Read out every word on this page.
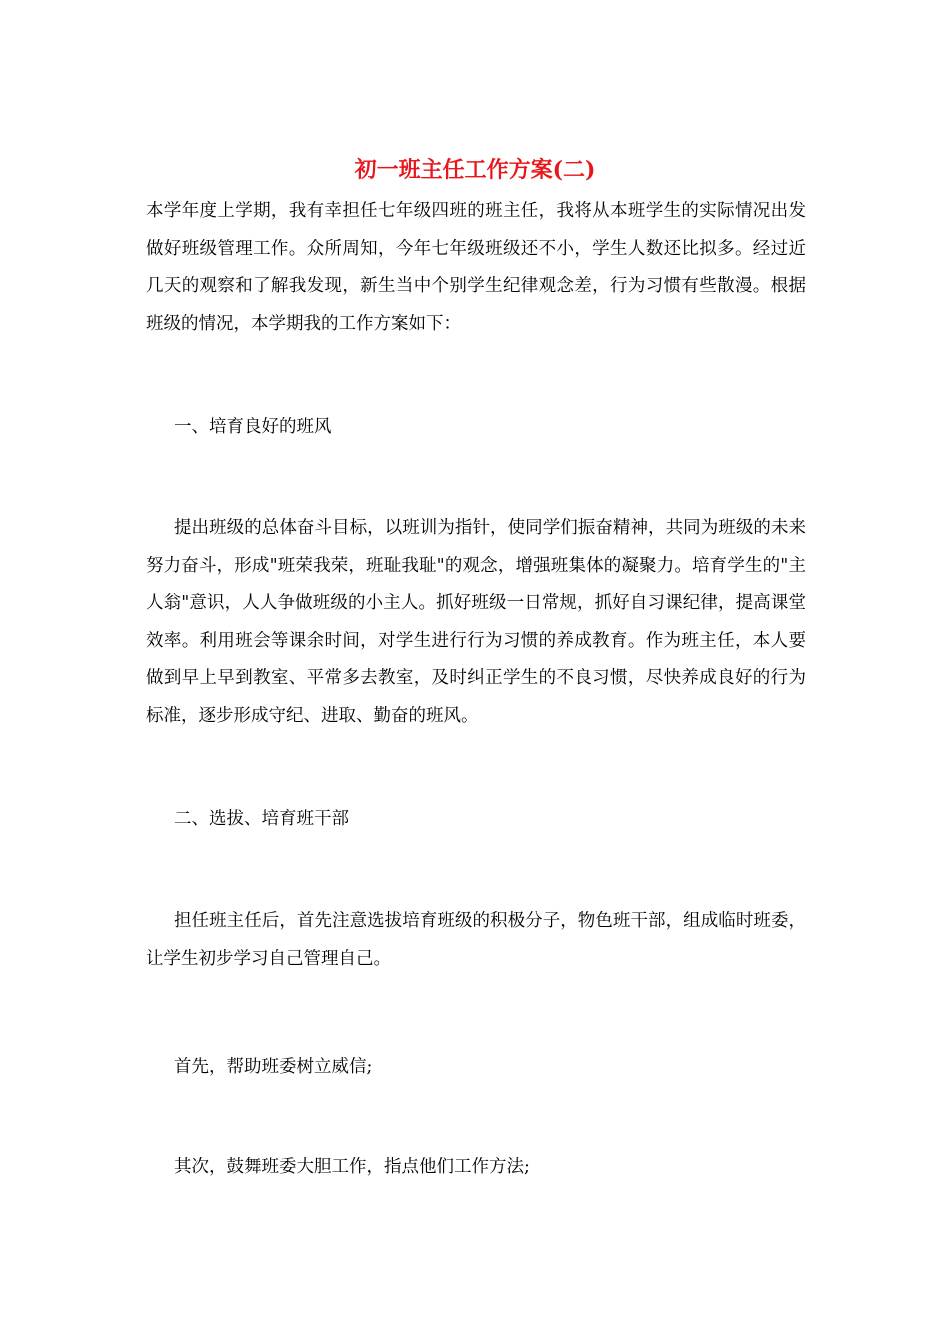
初一班主任工作方案(二)

本学年度上学期，我有幸担任七年级四班的班主任，我将从本班学生的实际情况出发做好班级管理工作。众所周知，今年七年级班级还不小，学生人数还比拟多。经过近几天的观察和了解我发现，新生当中个别学生纪律观念差，行为习惯有些散漫。根据班级的情况，本学期我的工作方案如下：

一、培育良好的班风

提出班级的总体奋斗目标，以班训为指针，使同学们振奋精神，共同为班级的未来努力奋斗，形成"班荣我荣，班耻我耻"的观念，增强班集体的凝聚力。培育学生的"主人翁"意识，人人争做班级的小主人。抓好班级一日常规，抓好自习课纪律，提高课堂效率。利用班会等课余时间，对学生进行行为习惯的养成教育。作为班主任，本人要做到早上早到教室、平常多去教室，及时纠正学生的不良习惯，尽快养成良好的行为标准，逐步形成守纪、进取、勤奋的班风。

二、选拔、培育班干部

担任班主任后，首先注意选拔培育班级的积极分子，物色班干部，组成临时班委，让学生初步学习自己管理自己。

首先，帮助班委树立威信;

其次，鼓舞班委大胆工作，指点他们工作方法;
